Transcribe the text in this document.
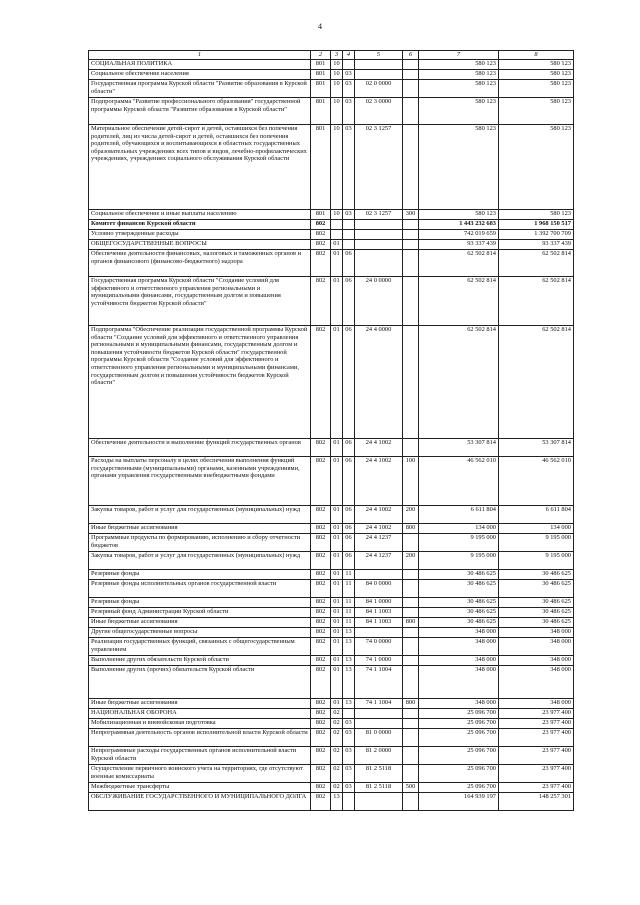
4
1	2	3	4	5	6	7	8
СОЦИАЛЬНАЯ ПОЛИТИКА	801	10				580 123	580 123
Социальное обеспечение населения	801	10	03			580 123	580 123
Государственная программа Курской области "Развитие образования в Курской области"	801	10	03	02 0 0000		580 123	580 123
Подпрограмма "Развитие профессионального образования" государственной программы Курской области "Развитие образования в Курской области"	801	10	03	02 3 0000		580 123	580 123
Материальное обеспечение детей-сирот и детей, оставшихся без попечения родителей, лиц из числа детей-сирот и детей, оставшихся без попечения родителей, обучающихся и воспитывающихся в областных государственных образовательных учреждениях всех типов и видов, лечебно-профилактических учреждениях, учреждениях социального обслуживания Курской области	801	10	03	02 3 1257		580 123	580 123
Социальное обеспечение и иные выплаты населению	801	10	03	02 3 1257	300	580 123	580 123
Комитет финансов Курской области	802					1 443 232 683	1 968 150 517
Условно утвержденные расходы	802					742 019 659	1 392 700 709
ОБЩЕГОСУДАРСТВЕННЫЕ ВОПРОСЫ	802	01				93 337 439	93 337 439
Обеспечение деятельности финансовых, налоговых и таможенных органов и органов финансового (финансово-бюджетного) надзора	802	01	06			62 502 814	62 502 814
Государственная программа Курской области "Создание условий для эффективного и ответственного управления региональными и муниципальными финансами, государственным долгом и повышения устойчивости бюджетов Курской области"	802	01	06	24 0 0000		62 502 814	62 502 814
Подпрограмма "Обеспечение реализации государственной программы Курской области "Создание условий для эффективного и ответственного управления региональными и муниципальными финансами, государственным долгом и повышения устойчивости бюджетов Курской области" государственной программы Курской области "Создание условий для эффективного и ответственного управления региональными и муниципальными финансами, государственным долгом и повышения устойчивости бюджетов Курской области"	802	01	06	24 4 0000		62 502 814	62 502 814
Обеспечение деятельности и выполнение функций государственных органов	802	01	06	24 4 1002		53 307 814	53 307 814
Расходы на выплаты персоналу в целях обеспечения выполнения функций государственными (муниципальными) органами, казенными учреждениями, органами управления государственными внебюджетными фондами	802	01	06	24 4 1002	100	46 562 010	46 562 010
Закупка товаров, работ и услуг для государственных (муниципальных) нужд	802	01	06	24 4 1002	200	6 611 804	6 611 804
Иные бюджетные ассигнования	802	01	06	24 4 1002	800	134 000	134 000
Программные продукты по формированию, исполнению и сбору отчетности бюджетов	802	01	06	24 4 1237		9 195 000	9 195 000
Закупка товаров, работ и услуг для государственных (муниципальных) нужд	802	01	06	24 4 1237	200	9 195 000	9 195 000
Резервные фонды	802	01	11			30 486 625	30 486 625
Резервные фонды исполнительных органов государственной власти	802	01	11	84 0 0000		30 486 625	30 486 625
Резервные фонды	802	01	11	84 1 0000		30 486 625	30 486 625
Резервный фонд Администрации Курской области	802	01	11	84 1 1003		30 486 625	30 486 625
Иные бюджетные ассигнования	802	01	11	84 1 1003	800	30 486 625	30 486 625
Другие общегосударственные вопросы	802	01	13			348 000	348 000
Реализация государственных функций, связанных с общегосударственным управлением	802	01	13	74 0 0000		348 000	348 000
Выполнение других обязательств Курской области	802	01	13	74 1 0000		348 000	348 000
Выполнение других (прочих) обязательств Курской области	802	01	13	74 1 1004		348 000	348 000
Иные бюджетные ассигнования	802	01	13	74 1 1004	800	348 000	348 000
НАЦИОНАЛЬНАЯ ОБОРОНА	802	02				25 096 700	23 977 400
Мобилизационная и вневойсковая подготовка	802	02	03			25 096 700	23 977 400
Непрограммная деятельность органов исполнительной власти Курской области	802	02	03	81 0 0000		25 096 700	23 977 400
Непрограммные расходы государственных органов исполнительной власти Курской области	802	02	03	81 2 0000		25 096 700	23 977 400
Осуществление первичного воинского учета на территориях, где отсутствуют военные комиссариаты	802	02	03	81 2 5118		25 096 700	23 977 400
Межбюджетные трансферты	802	02	03	81 2 5118	500	25 096 700	23 977 400
ОБСЛУЖИВАНИЕ ГОСУДАРСТВЕННОГО И МУНИЦИПАЛЬНОГО ДОЛГА	802	13				164 939 197	148 257 301
